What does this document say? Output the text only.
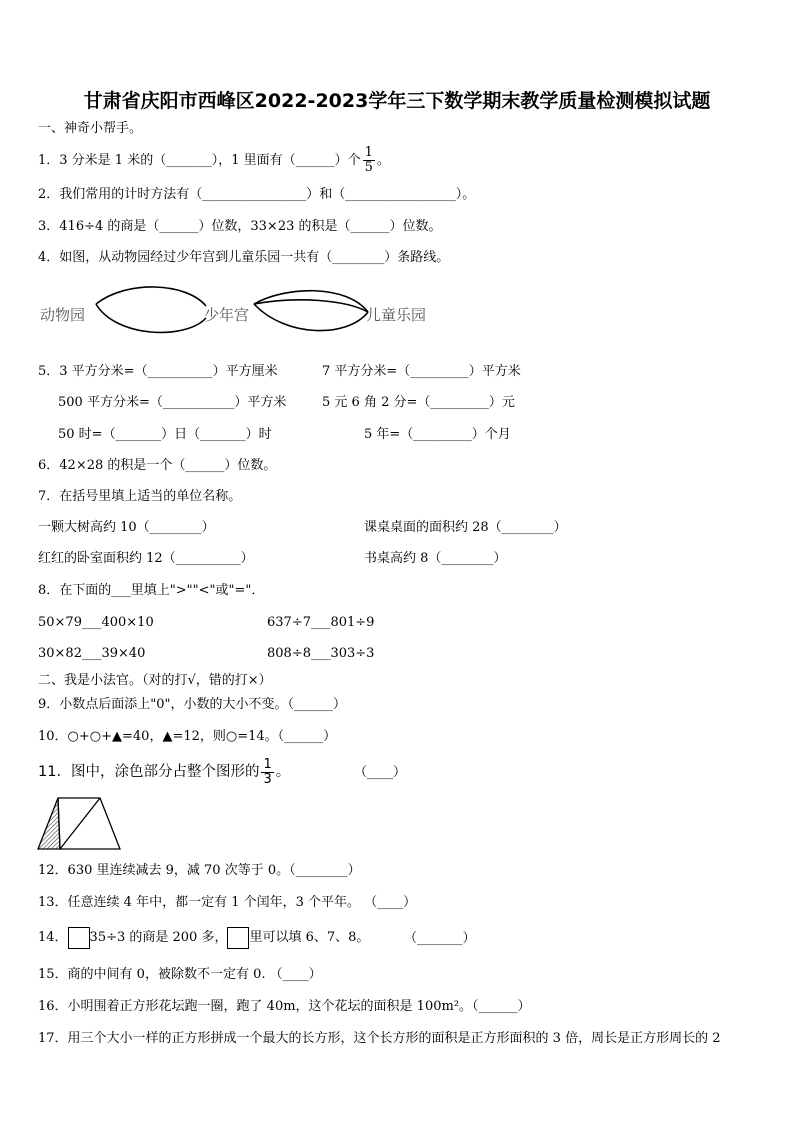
甘肃省庆阳市西峰区2022-2023学年三下数学期末教学质量检测模拟试题
一、神奇小帮手。
1．3 分米是 1 米的（_______），1 里面有（______）个 $\frac{1}{5}$ 。
2．我们常用的计时方法有（________________）和（_________________）。
3．416÷4 的商是（______）位数，33×23 的积是（______）位数。
4．如图，从动物园经过少年宫到儿童乐园一共有（________）条路线。
动物园	少年宫	儿童乐园
5．3 平方分米=（__________）平方厘米	7 平方分米=（_________）平方米
500 平方分米=（___________）平方米	5 元 6 角 2 分=（_________）元
50 时=（_______）日（_______）时	5 年=（_________）个月
6．42×28 的积是一个（______）位数。
7．在括号里填上适当的单位名称。
一颗大树高约 10（________）	课桌桌面的面积约 28（________）
红红的卧室面积约 12（__________）	书桌高约 8（________）
8．在下面的___里填上">""<"或"="．
50×79___400×10	637÷7___801÷9
30×82___39×40	808÷8___303÷3
二、我是小法官。（对的打√，错的打×）
9．小数点后面添上"0"，小数的大小不变。（______）
10．○+○+▲=40，▲=12，则○=14。（______）
11．图中，涂色部分占整个图形的 $\frac{1}{3}$ 。	（____）
12．630 里连续减去 9，减 70 次等于 0。（________）
13．任意连续 4 年中，都一定有 1 个闰年，3 个平年。 （____）
14． 35÷3 的商是 200 多， 里可以填 6、7、8。	（_______）
15．商的中间有 0，被除数不一定有 0. （____）
16．小明围着正方形花坛跑一圈，跑了 40m，这个花坛的面积是 100m²。（______）
17．用三个大小一样的正方形拼成一个最大的长方形，这个长方形的面积是正方形面积的 3 倍，周长是正方形周长的 2
